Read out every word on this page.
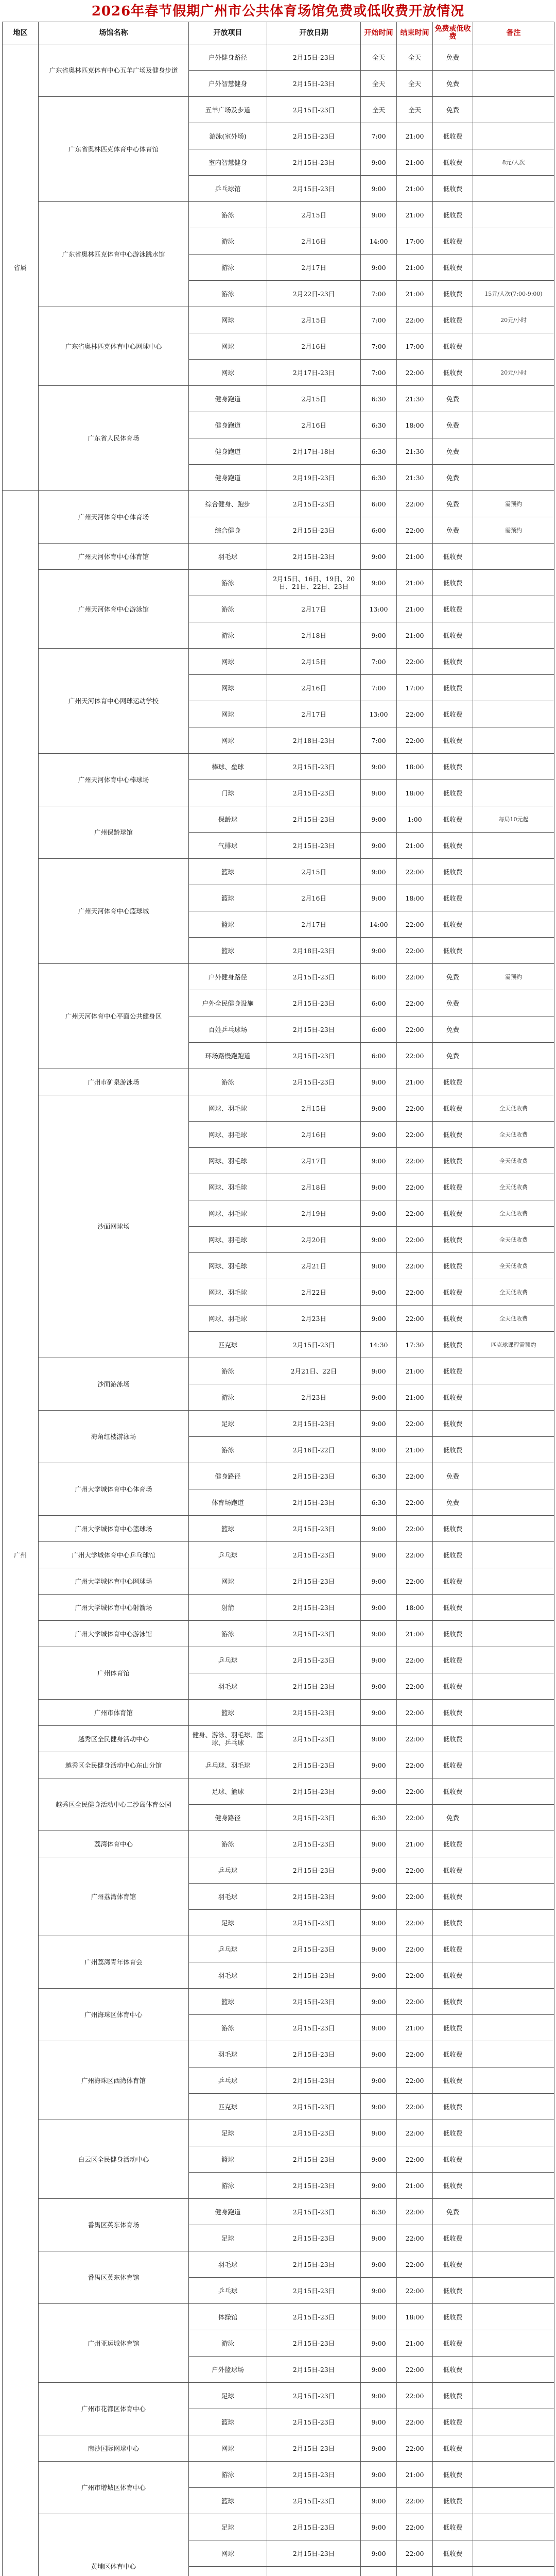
2026年春节假期广州市公共体育场馆免费或低收费开放情况
地区	场馆名称	开放项目	开放日期	开始时间	结束时间	免费或低收费	备注
省属	广东省奥林匹克体育中心五羊广场及健身步道	户外健身路径	2月15日-23日	全天	全天	免费	
		户外智慧健身	2月15日-23日	全天	全天	免费	
	广东省奥林匹克体育中心体育馆	五羊广场及步道	2月15日-23日	全天	全天	免费	
		游泳(室外场)	2月15日-23日	7:00	21:00	低收费	
		室内智慧健身	2月15日-23日	9:00	21:00	低收费	8元/人次
		乒乓球馆	2月15日-23日	9:00	21:00	低收费	
	广东省奥林匹克体育中心游泳跳水馆	游泳	2月15日	9:00	21:00	低收费	
		游泳	2月16日	14:00	17:00	低收费	
		游泳	2月17日	9:00	21:00	低收费	
		游泳	2月22日-23日	7:00	21:00	低收费	15元/人次(7:00-9:00)
	广东省奥林匹克体育中心网球中心	网球	2月15日	7:00	22:00	低收费	20元/小时
		网球	2月16日	7:00	17:00	低收费	
		网球	2月17日-23日	7:00	22:00	低收费	20元/小时
	广东省人民体育场	健身跑道	2月15日	6:30	21:30	免费	
		健身跑道	2月16日	6:30	18:00	免费	
		健身跑道	2月17日-18日	6:30	21:30	免费	
		健身跑道	2月19日-23日	6:30	21:30	免费	
广州	广州天河体育中心体育场	综合健身、跑步	2月15日-23日	6:00	22:00	免费	需预约
		综合健身	2月15日-23日	6:00	22:00	免费	需预约
	广州天河体育中心体育馆	羽毛球	2月15日-23日	9:00	21:00	低收费	
	广州天河体育中心游泳馆	游泳	2月15日、16日、19日、20日、21日、22日、23日	9:00	21:00	低收费	
		游泳	2月17日	13:00	21:00	低收费	
		游泳	2月18日	9:00	21:00	低收费	
	广州天河体育中心网球运动学校	网球	2月15日	7:00	22:00	低收费	
		网球	2月16日	7:00	17:00	低收费	
		网球	2月17日	13:00	22:00	低收费	
		网球	2月18日-23日	7:00	22:00	低收费	
	广州天河体育中心棒球场	棒球、垒球	2月15日-23日	9:00	18:00	低收费	
		门球	2月15日-23日	9:00	18:00	低收费	
	广州保龄球馆	保龄球	2月15日-23日	9:00	1:00	低收费	每局10元起
		气排球	2月15日-23日	9:00	21:00	低收费	
	广州天河体育中心篮球城	篮球	2月15日	9:00	22:00	低收费	
		篮球	2月16日	9:00	18:00	低收费	
		篮球	2月17日	14:00	22:00	低收费	
		篮球	2月18日-23日	9:00	22:00	低收费	
	广州天河体育中心平面公共健身区	户外健身路径	2月15日-23日	6:00	22:00	免费	需预约
		户外全民健身设施	2月15日-23日	6:00	22:00	免费	
		百姓乒乓球场	2月15日-23日	6:00	22:00	免费	
		环场路慢跑跑道	2月15日-23日	6:00	22:00	免费	
	广州市矿泉游泳场	游泳	2月15日-23日	9:00	21:00	低收费	
	沙面网球场	网球、羽毛球	2月15日	9:00	22:00	低收费	全天低收费
		网球、羽毛球	2月16日	9:00	22:00	低收费	全天低收费
		网球、羽毛球	2月17日	9:00	22:00	低收费	全天低收费
		网球、羽毛球	2月18日	9:00	22:00	低收费	全天低收费
		网球、羽毛球	2月19日	9:00	22:00	低收费	全天低收费
		网球、羽毛球	2月20日	9:00	22:00	低收费	全天低收费
		网球、羽毛球	2月21日	9:00	22:00	低收费	全天低收费
		网球、羽毛球	2月22日	9:00	22:00	低收费	全天低收费
		网球、羽毛球	2月23日	9:00	22:00	低收费	全天低收费
		匹克球	2月15日-23日	14:30	17:30	低收费	匹克球课程需预约
	沙面游泳场	游泳	2月21日、22日	9:00	21:00	低收费	
		游泳	2月23日	9:00	21:00	低收费	
	海角红楼游泳场	足球	2月15日-23日	9:00	22:00	低收费	
		游泳	2月16日-22日	9:00	21:00	低收费	
	广州大学城体育中心体育场	健身路径	2月15日-23日	6:30	22:00	免费	
		体育场跑道	2月15日-23日	6:30	22:00	免费	
	广州大学城体育中心篮球场	篮球	2月15日-23日	9:00	22:00	低收费	
	广州大学城体育中心乒乓球馆	乒乓球	2月15日-23日	9:00	22:00	低收费	
	广州大学城体育中心网球场	网球	2月15日-23日	9:00	22:00	低收费	
	广州大学城体育中心射箭场	射箭	2月15日-23日	9:00	18:00	低收费	
	广州大学城体育中心游泳馆	游泳	2月15日-23日	9:00	21:00	低收费	
	广州体育馆	乒乓球	2月15日-23日	9:00	22:00	低收费	
		羽毛球	2月15日-23日	9:00	22:00	低收费	
	广州市体育馆	篮球	2月15日-23日	9:00	22:00	低收费	
	越秀区全民健身活动中心	健身、游泳、羽毛球、篮球、乒乓球	2月15日-23日	9:00	22:00	低收费	
	越秀区全民健身活动中心东山分馆	乒乓球、羽毛球	2月15日-23日	9:00	22:00	低收费	
	越秀区全民健身活动中心二沙岛体育公园	足球、篮球	2月15日-23日	9:00	22:00	低收费	
		健身路径	2月15日-23日	6:30	22:00	免费	
	荔湾体育中心	游泳	2月15日-23日	9:00	21:00	低收费	
	广州荔湾体育馆	乒乓球	2月15日-23日	9:00	22:00	低收费	
		羽毛球	2月15日-23日	9:00	22:00	低收费	
		足球	2月15日-23日	9:00	22:00	低收费	
	广州荔湾青年体育会	乒乓球	2月15日-23日	9:00	22:00	低收费	
		羽毛球	2月15日-23日	9:00	22:00	低收费	
	广州海珠区体育中心	篮球	2月15日-23日	9:00	22:00	低收费	
		游泳	2月15日-23日	9:00	21:00	低收费	
	广州海珠区西湾体育馆	羽毛球	2月15日-23日	9:00	22:00	低收费	
		乒乓球	2月15日-23日	9:00	22:00	低收费	
		匹克球	2月15日-23日	9:00	22:00	低收费	
	白云区全民健身活动中心	足球	2月15日-23日	9:00	22:00	低收费	
		篮球	2月15日-23日	9:00	22:00	低收费	
		游泳	2月15日-23日	9:00	21:00	低收费	
	番禺区英东体育场	健身跑道	2月15日-23日	6:30	22:00	免费	
		足球	2月15日-23日	9:00	22:00	低收费	
	番禺区英东体育馆	羽毛球	2月15日-23日	9:00	22:00	低收费	
		乒乓球	2月15日-23日	9:00	22:00	低收费	
	广州亚运城体育馆	体操馆	2月15日-23日	9:00	18:00	低收费	
		游泳	2月15日-23日	9:00	21:00	低收费	
		户外篮球场	2月15日-23日	9:00	22:00	低收费	
	广州市花都区体育中心	足球	2月15日-23日	9:00	22:00	低收费	
		篮球	2月15日-23日	9:00	22:00	低收费	
	南沙国际网球中心	网球	2月15日-23日	9:00	22:00	低收费	
	广州市增城区体育中心	游泳	2月15日-23日	9:00	21:00	低收费	
		篮球	2月15日-23日	9:00	22:00	低收费	
	黄埔区体育中心	足球	2月15日-23日	9:00	22:00	低收费	
		网球	2月15日-23日	9:00	22:00	低收费	
